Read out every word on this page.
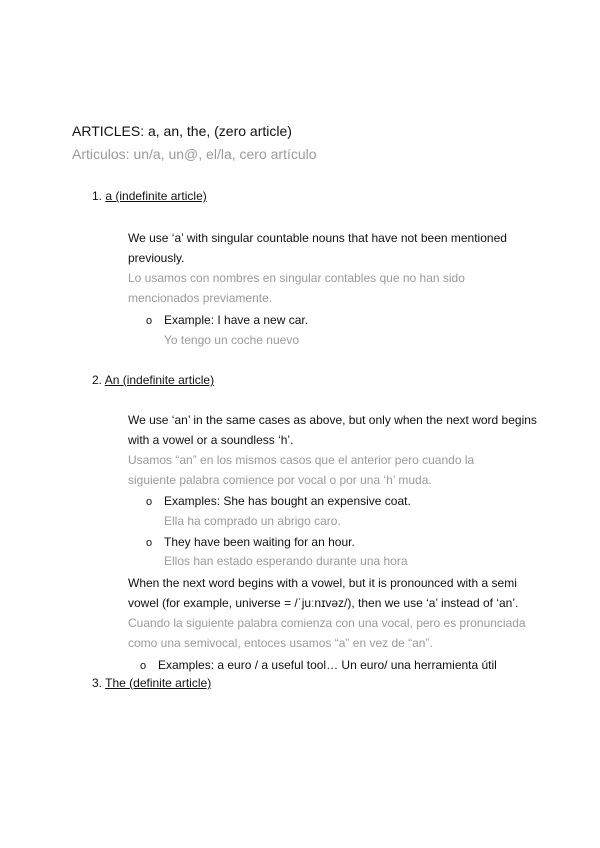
ARTICLES: a, an, the, (zero article)
Articulos: un/a, un@, el/la, cero artículo
1. a (indefinite article)
We use ‘a’ with singular countable nouns that have not been mentioned
previously.
Lo usamos con nombres en singular contables que no han sido
mencionados previamente.
o Example: I have a new car.
Yo tengo un coche nuevo
2. An (indefinite article)
We use ‘an’ in the same cases as above, but only when the next word begins
with a vowel or a soundless ‘h’.
Usamos “an” en los mismos casos que el anterior pero cuando la
siguiente palabra comience por vocal o por una ‘h’ muda.
o Examples: She has bought an expensive coat.
Ella ha comprado un abrigo caro.
o They have been waiting for an hour.
Ellos han estado esperando durante una hora
When the next word begins with a vowel, but it is pronounced with a semi
vowel (for example, universe = /ˈjuːnɪvəz/), then we use ‘a’ instead of ‘an’.
Cuando la siguiente palabra comienza con una vocal, pero es pronunciada
como una semivocal, entoces usamos “a” en vez de “an”.
o Examples: a euro / a useful tool… Un euro/ una herramienta útil
3. The (definite article)
